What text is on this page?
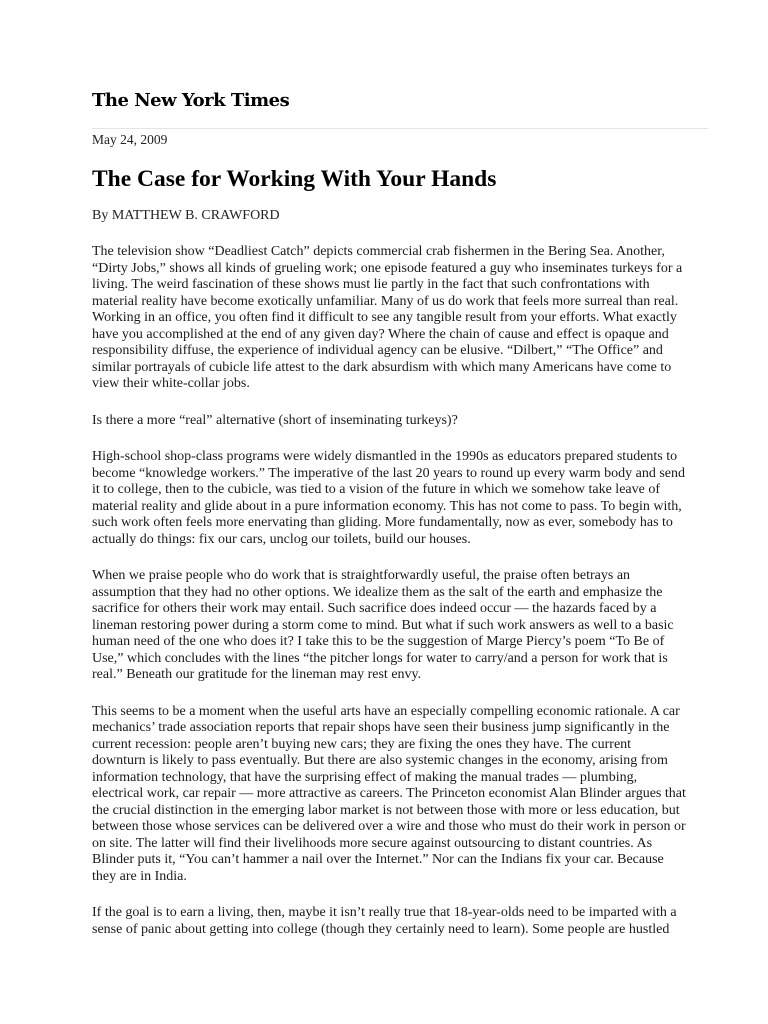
The New York Times
May 24, 2009
The Case for Working With Your Hands
By MATTHEW B. CRAWFORD

The television show “Deadliest Catch” depicts commercial crab fishermen in the Bering Sea. Another,
“Dirty Jobs,” shows all kinds of grueling work; one episode featured a guy who inseminates turkeys for a
living. The weird fascination of these shows must lie partly in the fact that such confrontations with
material reality have become exotically unfamiliar. Many of us do work that feels more surreal than real.
Working in an office, you often find it difficult to see any tangible result from your efforts. What exactly
have you accomplished at the end of any given day? Where the chain of cause and effect is opaque and
responsibility diffuse, the experience of individual agency can be elusive. “Dilbert,” “The Office” and
similar portrayals of cubicle life attest to the dark absurdism with which many Americans have come to
view their white-collar jobs.

Is there a more “real” alternative (short of inseminating turkeys)?

High-school shop-class programs were widely dismantled in the 1990s as educators prepared students to
become “knowledge workers.” The imperative of the last 20 years to round up every warm body and send
it to college, then to the cubicle, was tied to a vision of the future in which we somehow take leave of
material reality and glide about in a pure information economy. This has not come to pass. To begin with,
such work often feels more enervating than gliding. More fundamentally, now as ever, somebody has to
actually do things: fix our cars, unclog our toilets, build our houses.

When we praise people who do work that is straightforwardly useful, the praise often betrays an
assumption that they had no other options. We idealize them as the salt of the earth and emphasize the
sacrifice for others their work may entail. Such sacrifice does indeed occur — the hazards faced by a
lineman restoring power during a storm come to mind. But what if such work answers as well to a basic
human need of the one who does it? I take this to be the suggestion of Marge Piercy’s poem “To Be of
Use,” which concludes with the lines “the pitcher longs for water to carry/and a person for work that is
real.” Beneath our gratitude for the lineman may rest envy.

This seems to be a moment when the useful arts have an especially compelling economic rationale. A car
mechanics’ trade association reports that repair shops have seen their business jump significantly in the
current recession: people aren’t buying new cars; they are fixing the ones they have. The current
downturn is likely to pass eventually. But there are also systemic changes in the economy, arising from
information technology, that have the surprising effect of making the manual trades — plumbing,
electrical work, car repair — more attractive as careers. The Princeton economist Alan Blinder argues that
the crucial distinction in the emerging labor market is not between those with more or less education, but
between those whose services can be delivered over a wire and those who must do their work in person or
on site. The latter will find their livelihoods more secure against outsourcing to distant countries. As
Blinder puts it, “You can’t hammer a nail over the Internet.” Nor can the Indians fix your car. Because
they are in India.

If the goal is to earn a living, then, maybe it isn’t really true that 18-year-olds need to be imparted with a
sense of panic about getting into college (though they certainly need to learn). Some people are hustled
